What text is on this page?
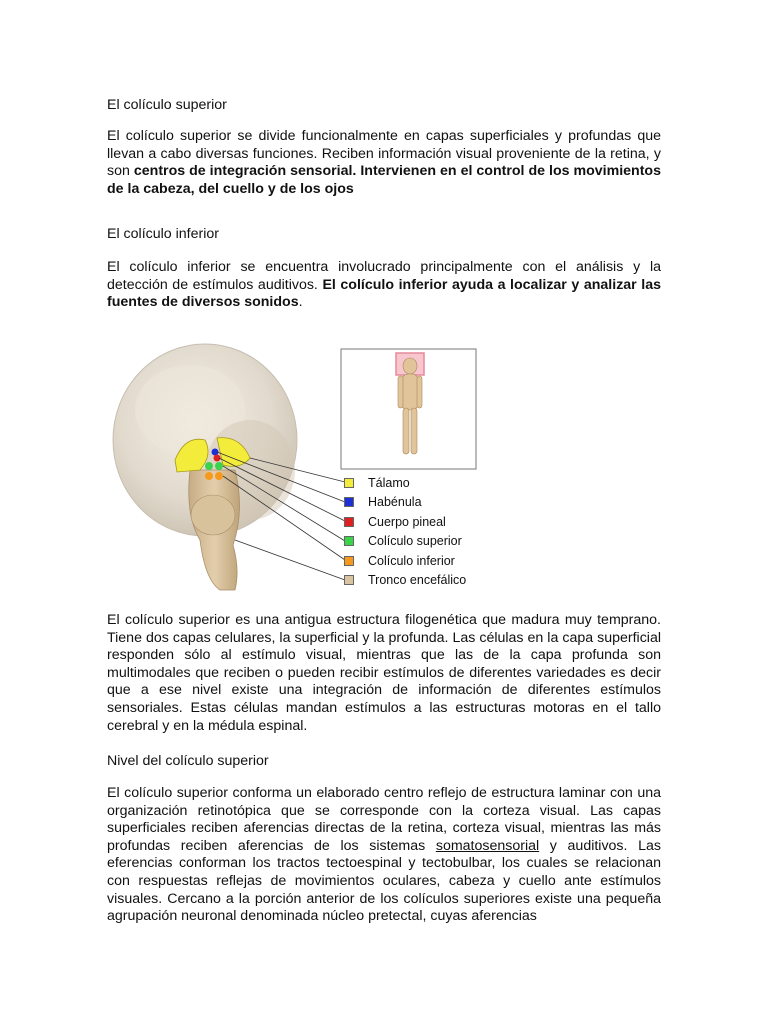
El colículo superior
El colículo superior se divide funcionalmente en capas superficiales y profundas que llevan a cabo diversas funciones. Reciben información visual proveniente de la retina, y son centros de integración sensorial. Intervienen en el control de los movimientos de la cabeza, del cuello y de los ojos
El colículo inferior
El colículo inferior se encuentra involucrado principalmente con el análisis y la detección de estímulos auditivos. El colículo inferior ayuda a localizar y analizar las fuentes de diversos sonidos.
Tálamo
Habénula
Cuerpo pineal
Colículo superior
Colículo inferior
Tronco encefálico
El colículo superior es una antigua estructura filogenética que madura muy temprano. Tiene dos capas celulares, la superficial y la profunda. Las células en la capa superficial responden sólo al estímulo visual, mientras que las de la capa profunda son multimodales que reciben o pueden recibir estímulos de diferentes variedades es decir que a ese nivel existe una integración de información de diferentes estímulos sensoriales. Estas células mandan estímulos a las estructuras motoras en el tallo cerebral y en la médula espinal.
Nivel del colículo superior
El colículo superior conforma un elaborado centro reflejo de estructura laminar con una organización retinotópica que se corresponde con la corteza visual. Las capas superficiales reciben aferencias directas de la retina, corteza visual, mientras las más profundas reciben aferencias de los sistemas somatosensorial y auditivos. Las eferencias conforman los tractos tectoespinal y tectobulbar, los cuales se relacionan con respuestas reflejas de movimientos oculares, cabeza y cuello ante estímulos visuales. Cercano a la porción anterior de los colículos superiores existe una pequeña agrupación neuronal denominada núcleo pretectal, cuyas aferencias
